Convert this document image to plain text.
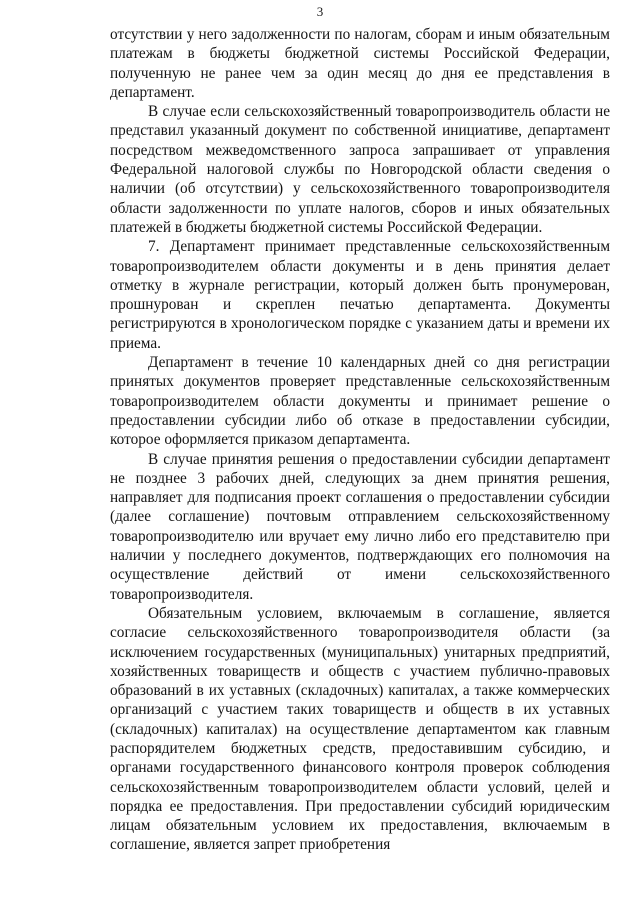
3

отсутствии у него задолженности по налогам, сборам и иным обязательным платежам в бюджеты бюджетной системы Российской Федерации, полученную не ранее чем за один месяц до дня ее представления в департамент.

В случае если сельскохозяйственный товаропроизводитель области не представил указанный документ по собственной инициативе, департамент посредством межведомственного запроса запрашивает от управления Федеральной налоговой службы по Новгородской области сведения о наличии (об отсутствии) у сельскохозяйственного товаропроизводителя области задолженности по уплате налогов, сборов и иных обязательных платежей в бюджеты бюджетной системы Российской Федерации.

7. Департамент принимает представленные сельскохозяйственным товаропроизводителем области документы и в день принятия делает отметку в журнале регистрации, который должен быть пронумерован, прошнурован и скреплен печатью департамента. Документы регистрируются в хронологическом порядке с указанием даты и времени их приема.

Департамент в течение 10 календарных дней со дня регистрации принятых документов проверяет представленные сельскохозяйственным товаропроизводителем области документы и принимает решение о предоставлении субсидии либо об отказе в предоставлении субсидии, которое оформляется приказом департамента.

В случае принятия решения о предоставлении субсидии департамент не позднее 3 рабочих дней, следующих за днем принятия решения, направляет для подписания проект соглашения о предоставлении субсидии (далее соглашение) почтовым отправлением сельскохозяйственному товаропроизводителю или вручает ему лично либо его представителю при наличии у последнего документов, подтверждающих его полномочия на осуществление действий от имени сельскохозяйственного товаропроизводителя.

Обязательным условием, включаемым в соглашение, является согласие сельскохозяйственного товаропроизводителя области (за исключением государственных (муниципальных) унитарных предприятий, хозяйственных товариществ и обществ с участием публично-правовых образований в их уставных (складочных) капиталах, а также коммерческих организаций с участием таких товариществ и обществ в их уставных (складочных) капиталах) на осуществление департаментом как главным распорядителем бюджетных средств, предоставившим субсидию, и органами государственного финансового контроля проверок соблюдения сельскохозяйственным товаропроизводителем области условий, целей и порядка ее предоставления. При предоставлении субсидий юридическим лицам обязательным условием их предоставления, включаемым в соглашение, является запрет приобретения
